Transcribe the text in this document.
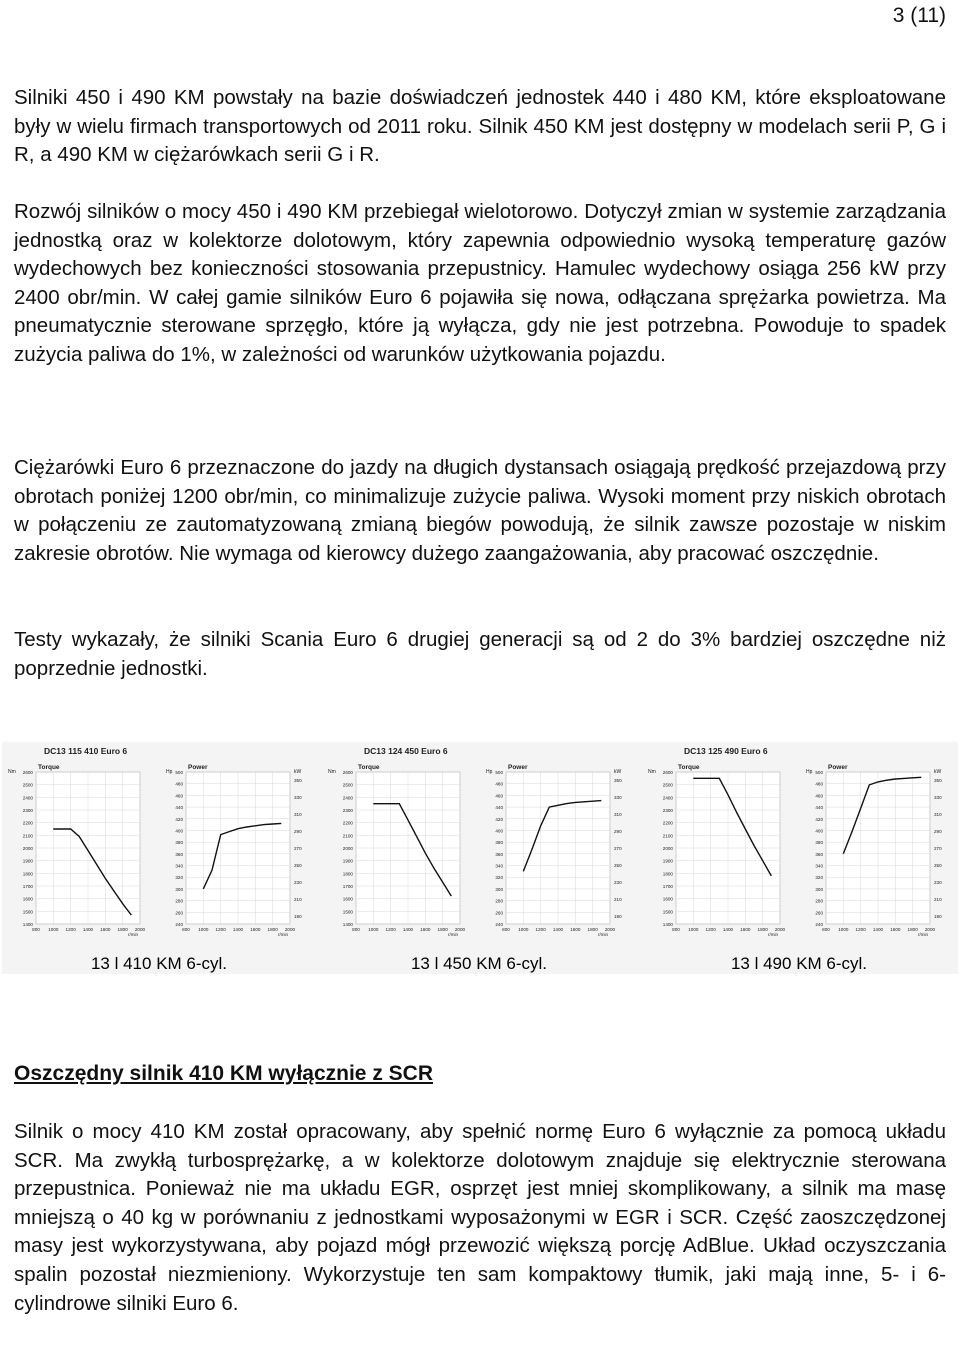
3 (11)

Silniki 450 i 490 KM powstały na bazie doświadczeń jednostek 440 i 480 KM, które eksploatowane były w wielu firmach transportowych od 2011 roku. Silnik 450 KM jest dostępny w modelach serii P, G i R, a 490 KM w ciężarówkach serii G i R.

Rozwój silników o mocy 450 i 490 KM przebiegał wielotorowo. Dotyczył zmian w systemie zarządzania jednostką oraz w kolektorze dolotowym, który zapewnia odpowiednio wysoką temperaturę gazów wydechowych bez konieczności stosowania przepustnicy. Hamulec wydechowy osiąga 256 kW przy 2400 obr/min. W całej gamie silników Euro 6 pojawiła się nowa, odłączana sprężarka powietrza. Ma pneumatycznie sterowane sprzęgło, które ją wyłącza, gdy nie jest potrzebna. Powoduje to spadek zużycia paliwa do 1%, w zależności od warunków użytkowania pojazdu.

Ciężarówki Euro 6 przeznaczone do jazdy na długich dystansach osiągają prędkość przejazdową przy obrotach poniżej 1200 obr/min, co minimalizuje zużycie paliwa. Wysoki moment przy niskich obrotach w połączeniu ze zautomatyzowaną zmianą biegów powodują, że silnik zawsze pozostaje w niskim zakresie obrotów. Nie wymaga od kierowcy dużego zaangażowania, aby pracować oszczędnie.

Testy wykazały, że silniki Scania Euro 6 drugiej generacji są od 2 do 3% bardziej oszczędne niż poprzednie jednostki.

DC13 115 410 Euro 6
Torque	Power
Nm	Hp	kW
r/min	r/min
2600
2500
2400
2300
2200
2100
2000
1900
1800
1700
1600
1500
1400
800 1000 1200 1400 1600 1800 2000
500
480
460
440
420
400
380
360
340
320
300
280
260
240
800 1000 1200 1400 1600 1800 2000
350
330
310
290
270
250
230
210
190
13 l 410 KM 6-cyl.
DC13 124 450 Euro 6
Torque	Power
Nm	Hp	kW
r/min	r/min
2600
2500
2400
2300
2200
2100
2000
1900
1800
1700
1600
1500
1400
800 1000 1200 1400 1600 1800 2000
500
480
460
440
420
400
380
360
340
320
300
280
260
240
800 1000 1200 1400 1600 1800 2000
350
330
310
290
270
250
230
210
190
13 l 450 KM 6-cyl.
DC13 125 490 Euro 6
Torque	Power
Nm	Hp	kW
r/min	r/min
2600
2500
2400
2300
2200
2100
2000
1900
1800
1700
1600
1500
1400
800 1000 1200 1400 1600 1800 2000
500
480
460
440
420
400
380
360
340
320
300
280
260
240
800 1000 1200 1400 1600 1800 2000
350
330
310
290
270
250
230
210
190
13 l 490 KM 6-cyl.
Oszczędny silnik 410 KM wyłącznie z SCR

Silnik o mocy 410 KM został opracowany, aby spełnić normę Euro 6 wyłącznie za pomocą układu SCR. Ma zwykłą turbosprężarkę, a w kolektorze dolotowym znajduje się elektrycznie sterowana przepustnica. Ponieważ nie ma układu EGR, osprzęt jest mniej skomplikowany, a silnik ma masę mniejszą o 40 kg w porównaniu z jednostkami wyposażonymi w EGR i SCR. Część zaoszczędzonej masy jest wykorzystywana, aby pojazd mógł przewozić większą porcję AdBlue. Układ oczyszczania spalin pozostał niezmieniony. Wykorzystuje ten sam kompaktowy tłumik, jaki mają inne, 5- i 6-cylindrowe silniki Euro 6.
